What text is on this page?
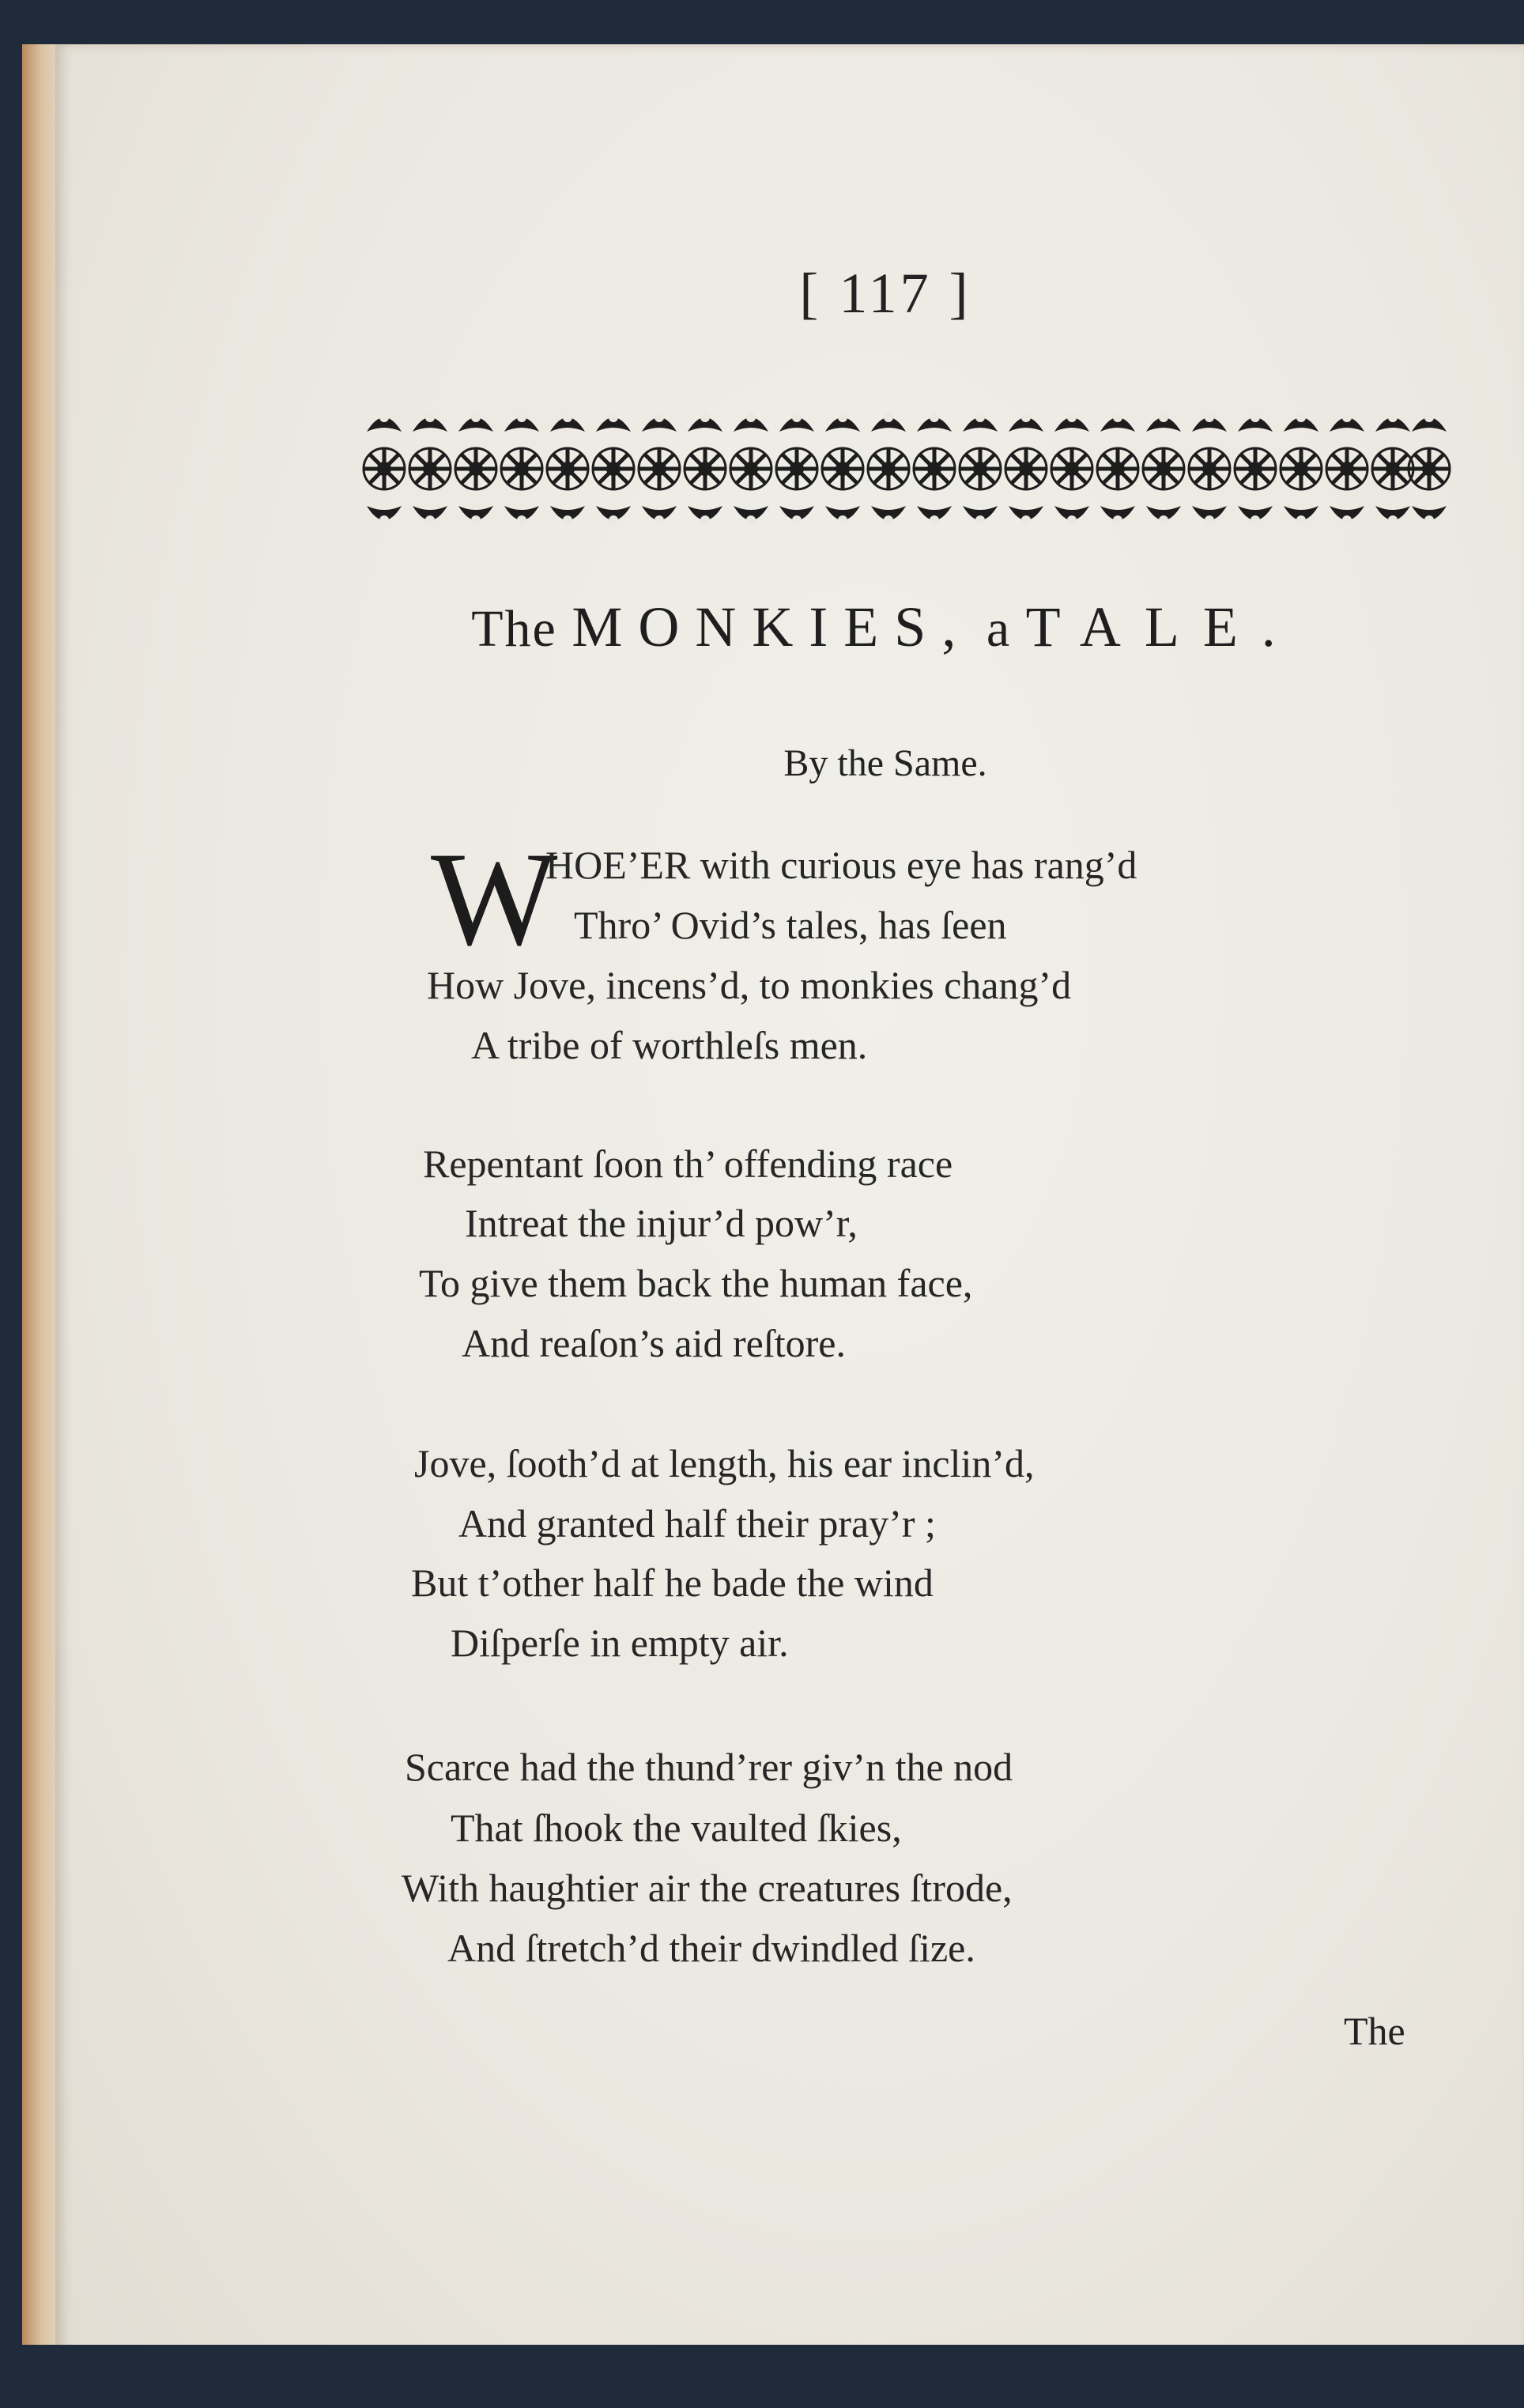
[ 117 ]
The MONKIES, a TALE.
By the Same.
W
HOE’ER with curious eye has rang’d
Thro’ Ovid’s tales, has ſeen
How Jove, incens’d, to monkies chang’d
A tribe of worthleſs men.
Repentant ſoon th’ offending race
Intreat the injur’d pow’r,
To give them back the human face,
And reaſon’s aid reſtore.
Jove, ſooth’d at length, his ear inclin’d,
And granted half their pray’r ;
But t’other half he bade the wind
Diſperſe in empty air.
Scarce had the thund’rer giv’n the nod
That ſhook the vaulted ſkies,
With haughtier air the creatures ſtrode,
And ſtretch’d their dwindled ſize.
The
